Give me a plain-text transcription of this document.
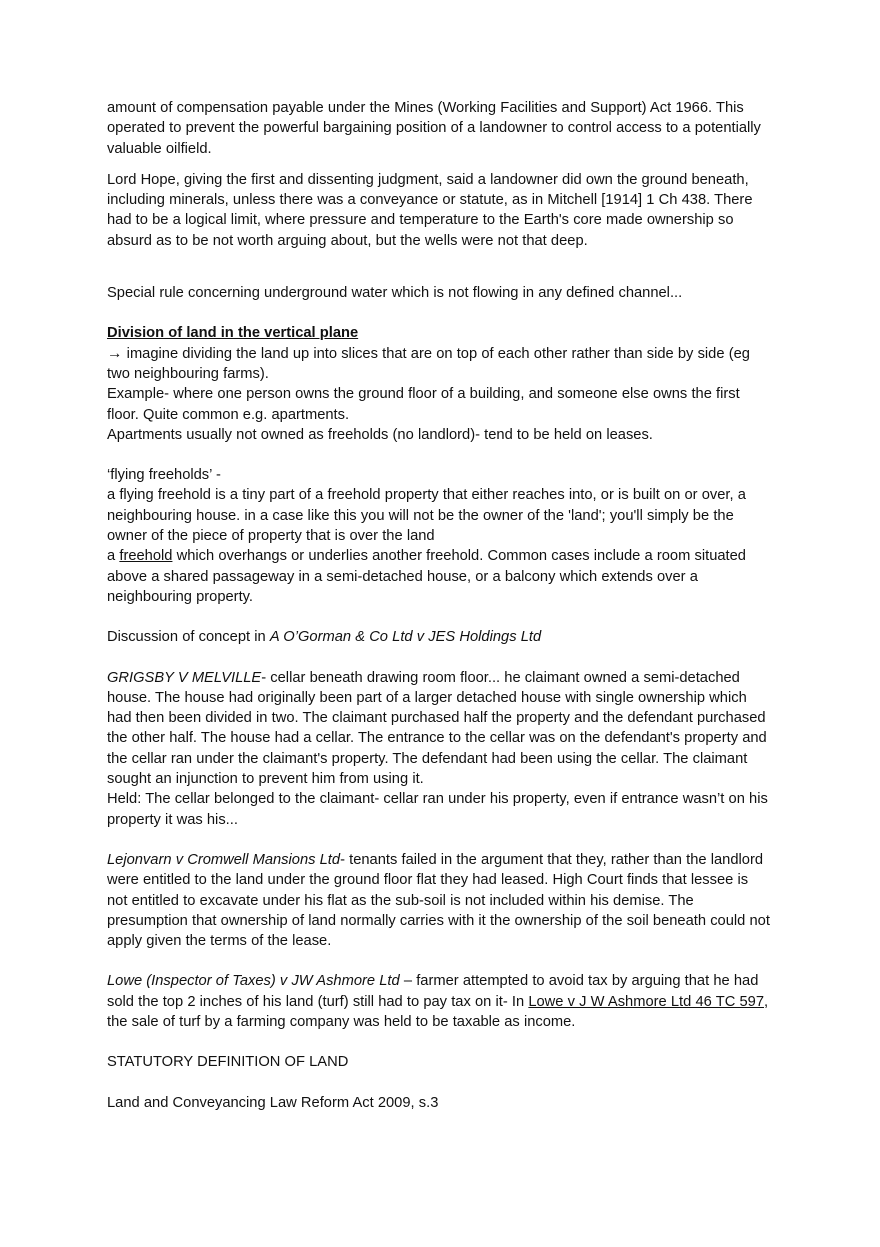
amount of compensation payable under the Mines (Working Facilities and Support) Act 1966. This operated to prevent the powerful bargaining position of a landowner to control access to a potentially valuable oilfield.

Lord Hope, giving the first and dissenting judgment, said a landowner did own the ground beneath, including minerals, unless there was a conveyance or statute, as in Mitchell [1914] 1 Ch 438. There had to be a logical limit, where pressure and temperature to the Earth's core made ownership so absurd as to be not worth arguing about, but the wells were not that deep.

Special rule concerning underground water which is not flowing in any defined channel...

Division of land in the vertical plane

→ imagine dividing the land up into slices that are on top of each other rather than side by side (eg two neighbouring farms).

Example- where one person owns the ground floor of a building, and someone else owns the first floor. Quite common e.g. apartments.

Apartments usually not owned as freeholds (no landlord)- tend to be held on leases.

‘flying freeholds’ -

a flying freehold is a tiny part of a freehold property that either reaches into, or is built on or over, a neighbouring house. in a case like this you will not be the owner of the 'land'; you'll simply be the owner of the piece of property that is over the land

a freehold which overhangs or underlies another freehold. Common cases include a room situated above a shared passageway in a semi-detached house, or a balcony which extends over a neighbouring property.

Discussion of concept in A O’Gorman & Co Ltd v JES Holdings Ltd

GRIGSBY V MELVILLE- cellar beneath drawing room floor... he claimant owned a semi-detached house. The house had originally been part of a larger detached house with single ownership which had then been divided in two. The claimant purchased half the property and the defendant purchased the other half. The house had a cellar. The entrance to the cellar was on the defendant's property and the cellar ran under the claimant's property. The defendant had been using the cellar. The claimant sought an injunction to prevent him from using it.

Held: The cellar belonged to the claimant- cellar ran under his property, even if entrance wasn’t on his property it was his...

Lejonvarn v Cromwell Mansions Ltd- tenants failed in the argument that they, rather than the landlord were entitled to the land under the ground floor flat they had leased. High Court finds that lessee is not entitled to excavate under his flat as the sub-soil is not included within his demise. The presumption that ownership of land normally carries with it the ownership of the soil beneath could not apply given the terms of the lease.

Lowe (Inspector of Taxes) v JW Ashmore Ltd – farmer attempted to avoid tax by arguing that he had sold the top 2 inches of his land (turf) still had to pay tax on it- In Lowe v J W Ashmore Ltd 46 TC 597, the sale of turf by a farming company was held to be taxable as income.

STATUTORY DEFINITION OF LAND

Land and Conveyancing Law Reform Act 2009, s.3
